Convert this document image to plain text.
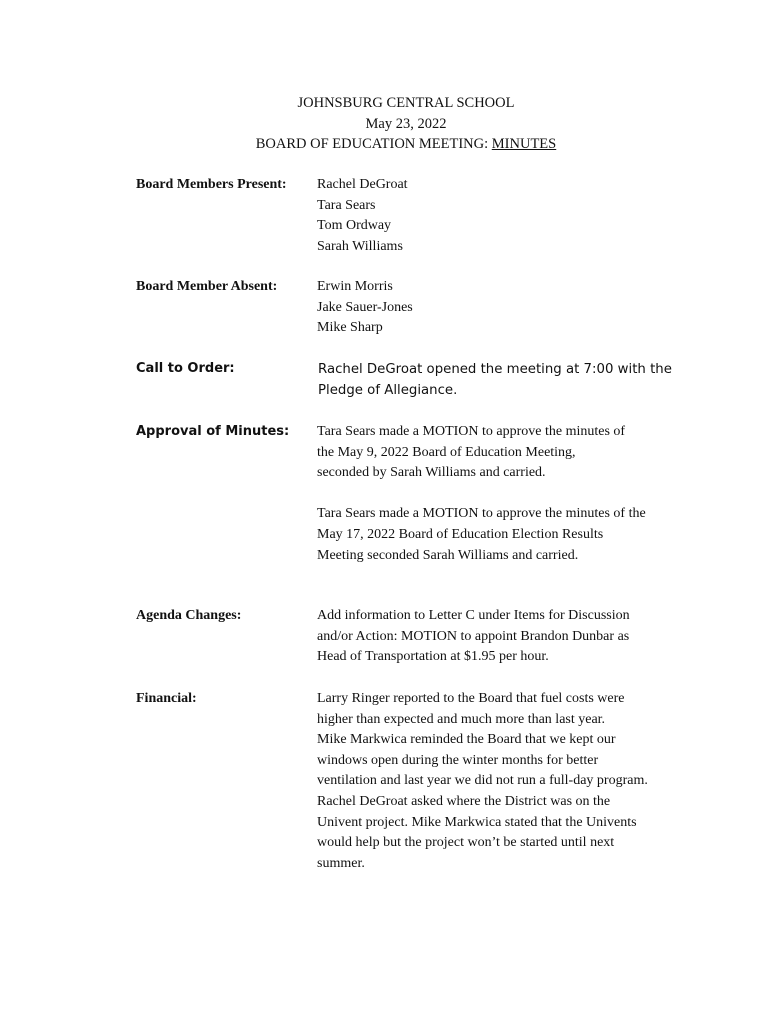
JOHNSBURG CENTRAL SCHOOL
May 23, 2022
BOARD OF EDUCATION MEETING: MINUTES
Board Members Present: Rachel DeGroat
Tara Sears
Tom Ordway
Sarah Williams
Board Member Absent:	Erwin Morris
Jake Sauer-Jones
Mike Sharp
Call to Order:	Rachel DeGroat opened the meeting at 7:00 with the
Pledge of Allegiance.
Approval of Minutes: Tara Sears made a MOTION to approve the minutes of
the May 9, 2022 Board of Education Meeting,
seconded by Sarah Williams and carried.
Tara Sears made a MOTION to approve the minutes of the
May 17, 2022 Board of Education Election Results
Meeting seconded Sarah Williams and carried.
Agenda Changes:	Add information to Letter C under Items for Discussion
and/or Action: MOTION to appoint Brandon Dunbar as
Head of Transportation at $1.95 per hour.
Financial:	Larry Ringer reported to the Board that fuel costs were
higher than expected and much more than last year.
Mike Markwica reminded the Board that we kept our
windows open during the winter months for better
ventilation and last year we did not run a full-day program.
Rachel DeGroat asked where the District was on the
Univent project. Mike Markwica stated that the Univents
would help but the project won’t be started until next
summer.
